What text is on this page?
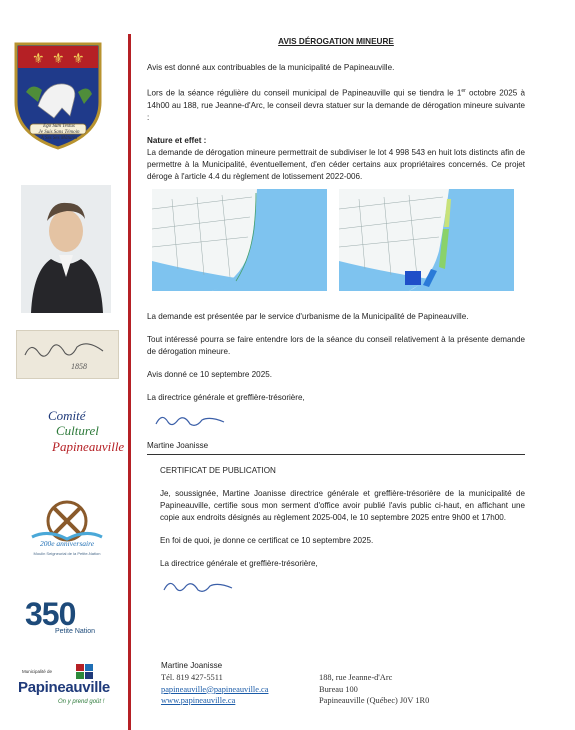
⚜ ⚜ ⚜
Ego Sum Textus
Je Suis Sans Témoin
A Ses Ses Mâtures
1858
Comité
Culturel
Papineauville
200e anniversaire
Moulin Seigneurial de la Petite-Nation
350
Petite Nation
Municipalité de
Papineauville
On y prend goût !
AVIS DÉROGATION MINEURE

Avis est donné aux contribuables de la municipalité de Papineauville.

Lors de la séance régulière du conseil municipal de Papineauville qui se tiendra le 1er octobre 2025 à 14h00 au 188, rue Jeanne-d'Arc, le conseil devra statuer sur la demande de dérogation mineure suivante :

Nature et effet :

La demande de dérogation mineure permettrait de subdiviser le lot 4 998 543 en huit lots distincts afin de permettre à la Municipalité, éventuellement, d'en céder certains aux propriétaires concernés. Ce projet déroge à l'article 4.4 du règlement de lotissement 2022-006.

La demande est présentée par le service d'urbanisme de la Municipalité de Papineauville.

Tout intéressé pourra se faire entendre lors de la séance du conseil relativement à la présente demande de dérogation mineure.

Avis donné ce 10 septembre 2025.

La directrice générale et greffière-trésorière,

Martine Joanisse

CERTIFICAT DE PUBLICATION

Je, soussignée, Martine Joanisse directrice générale et greffière-trésorière de la municipalité de Papineauville, certifie sous mon serment d'office avoir publié l'avis public ci-haut, en affichant une copie aux endroits désignés au règlement 2025-004, le 10 septembre 2025 entre 9h00 et 17h00.

En foi de quoi, je donne ce certificat ce 10 septembre 2025.

La directrice générale et greffière-trésorière,

Martine Joanisse
Tél. 819 427-5511
papineauville@papineauville.ca
www.papineauville.ca
188, rue Jeanne-d'Arc
Bureau 100
Papineauville (Québec) J0V 1R0
